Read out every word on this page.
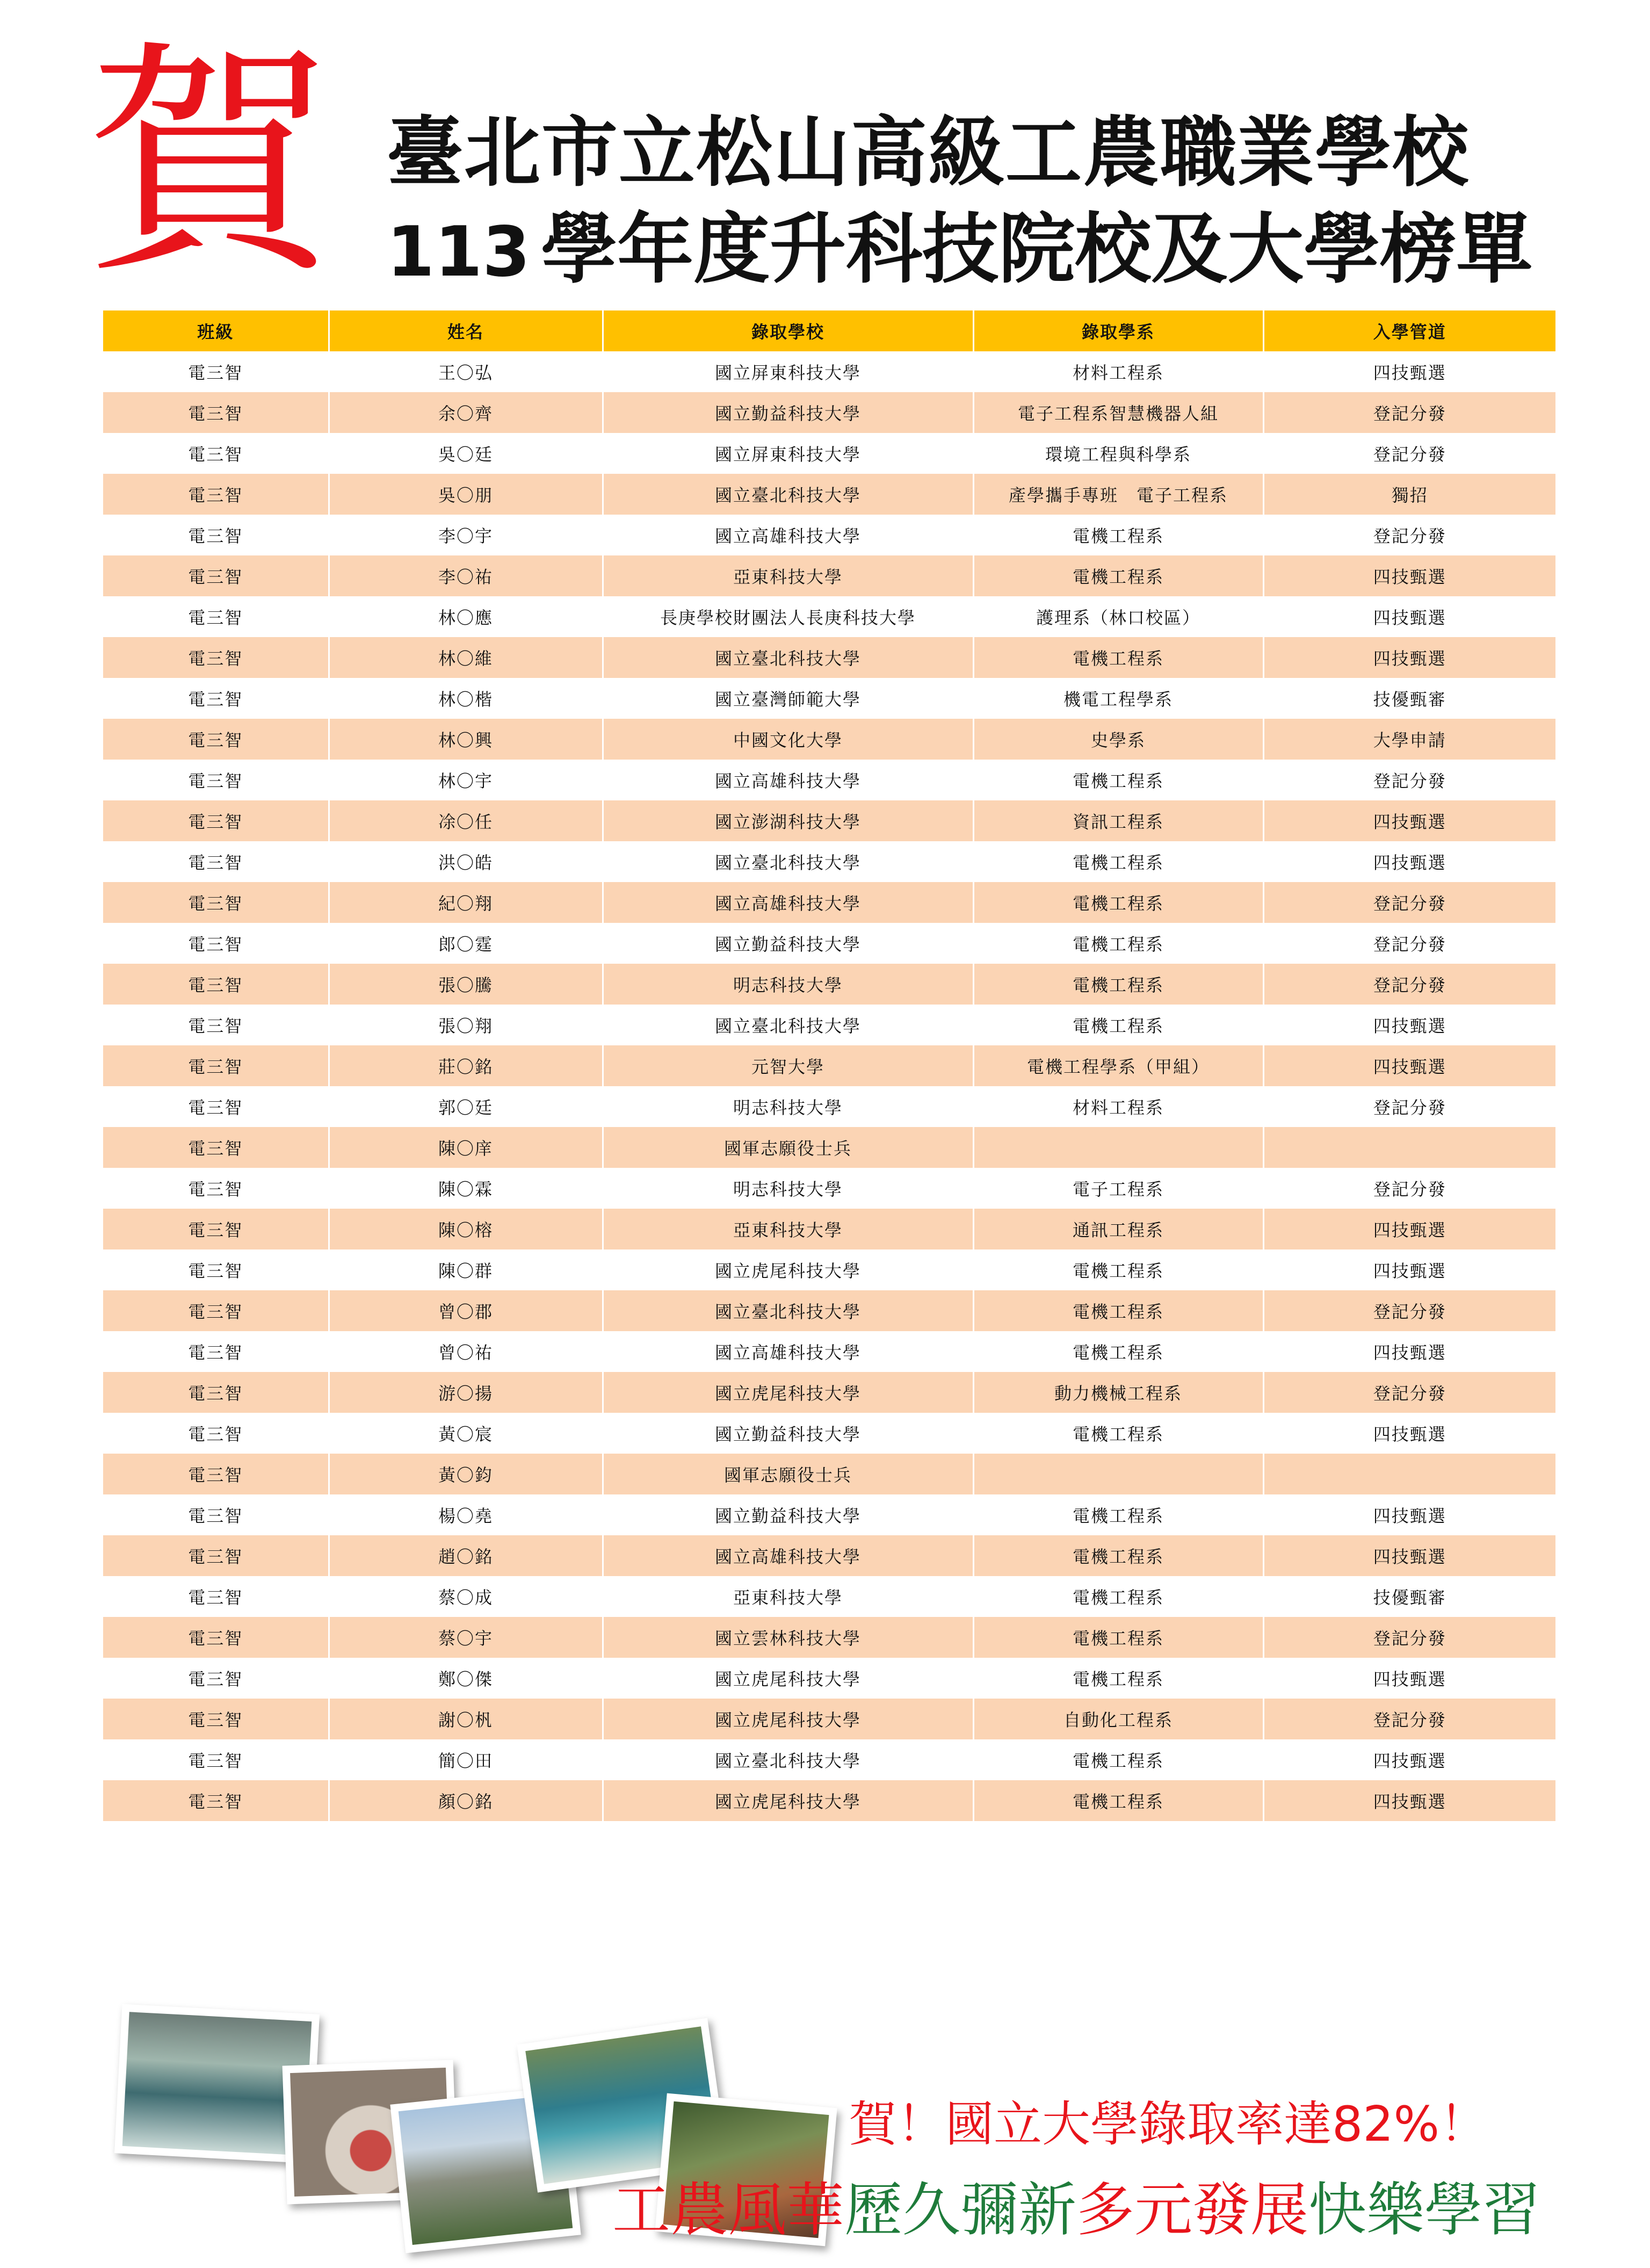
賀 臺北市立松山高級工農職業學校
113 學年度升科技院校及大學榜單
班級	姓名	錄取學校	錄取學系	入學管道
電三智	王〇弘	國立屏東科技大學	材料工程系	四技甄選
電三智	余〇齊	國立勤益科技大學	電子工程系智慧機器人組	登記分發
電三智	吳〇廷	國立屏東科技大學	環境工程與科學系	登記分發
電三智	吳〇朋	國立臺北科技大學	產學攜手專班　電子工程系	獨招
電三智	李〇宇	國立高雄科技大學	電機工程系	登記分發
電三智	李〇祐	亞東科技大學	電機工程系	四技甄選
電三智	林〇應	長庚學校財團法人長庚科技大學	護理系（林口校區）	四技甄選
電三智	林〇維	國立臺北科技大學	電機工程系	四技甄選
電三智	林〇楷	國立臺灣師範大學	機電工程學系	技優甄審
電三智	林〇興	中國文化大學	史學系	大學申請
電三智	林〇宇	國立高雄科技大學	電機工程系	登記分發
電三智	凃〇任	國立澎湖科技大學	資訊工程系	四技甄選
電三智	洪〇皓	國立臺北科技大學	電機工程系	四技甄選
電三智	紀〇翔	國立高雄科技大學	電機工程系	登記分發
電三智	郎〇霆	國立勤益科技大學	電機工程系	登記分發
電三智	張〇騰	明志科技大學	電機工程系	登記分發
電三智	張〇翔	國立臺北科技大學	電機工程系	四技甄選
電三智	莊〇銘	元智大學	電機工程學系（甲組）	四技甄選
電三智	郭〇廷	明志科技大學	材料工程系	登記分發
電三智	陳〇庠	國軍志願役士兵		
電三智	陳〇霖	明志科技大學	電子工程系	登記分發
電三智	陳〇榕	亞東科技大學	通訊工程系	四技甄選
電三智	陳〇群	國立虎尾科技大學	電機工程系	四技甄選
電三智	曾〇郡	國立臺北科技大學	電機工程系	登記分發
電三智	曾〇祐	國立高雄科技大學	電機工程系	四技甄選
電三智	游〇揚	國立虎尾科技大學	動力機械工程系	登記分發
電三智	黃〇宸	國立勤益科技大學	電機工程系	四技甄選
電三智	黃〇鈞	國軍志願役士兵		
電三智	楊〇堯	國立勤益科技大學	電機工程系	四技甄選
電三智	趙〇銘	國立高雄科技大學	電機工程系	四技甄選
電三智	蔡〇成	亞東科技大學	電機工程系	技優甄審
電三智	蔡〇宇	國立雲林科技大學	電機工程系	登記分發
電三智	鄭〇傑	國立虎尾科技大學	電機工程系	四技甄選
電三智	謝〇杋	國立虎尾科技大學	自動化工程系	登記分發
電三智	簡〇田	國立臺北科技大學	電機工程系	四技甄選
電三智	顏〇銘	國立虎尾科技大學	電機工程系	四技甄選
賀！國立大學錄取率達82%！
工農風華歷久彌新多元發展快樂學習
